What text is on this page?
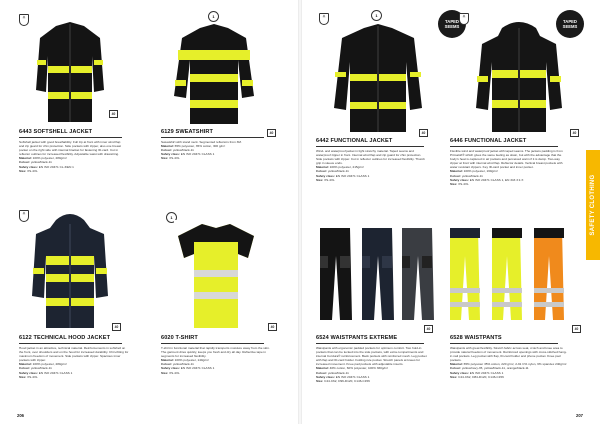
⚠
40
6443 SOFTSHELL JACKET

Softshell jacket with good breathability. Full zip at front with inner wind flap and zip guard for chin protection. Side pockets with zipper, also one breast pocket on the right side with internal bracket for fastening ID-card. Cut in reflector outlines for increased flexibility. Adjustable waist with drawstring.

Material: 100% polyester, 280g/m²

Colour: yellow/black-11

Safety class: EN ISO 20471 CL.3/EN 1

Size: XS-4XL

1
40
6129 SWEATSHIRT

Sweatshirt with stand neck. Segmented reflectors from 3M.

Material: 65% polyester, 35% cotton, 300 g/m²

Colour: yellow/black-11

Safety class: EN ISO 20471 CLASS 1

Size: XS-4XL

⚠
40
6122 TECHNICAL HOOD JACKET

Hood jacket in an attractive, technical material. Reinforcements in softshell on the front, over shoulders and on the hood for increased durability. Chin-fitting for maximum freedom of movement. Side pockets with zipper. Spacious inner pockets with zipper.

Material: 100% polyester, 280g/m²

Colour: yellow/black-11

Safety class: EN ISO 20471 CLASS 1

Size: XS-4XL

1
40
6020 T-SHIRT

T-shirt in functional material that rapidly transports moisture away from the skin. The garment dries quickly, keeps you fresh and dry all day. Reflective tape in segments for increased flexibility.

Material: 100% polyester, 140g/m²

Colour: yellow/black-11

Safety class: EN ISO 20471 CLASS 1

Size: XS-4XL

206
⚠	1
TAPED
SEEMS
40
6442 FUNCTIONAL JACKET

Wind- and waterproof jacket in light stretchy material. Taped seams and waterproof zipper in front. Internal wind flap and zip guard for chin protection. Side pockets with zipper. Cut in reflector outlines for increased flexibility. Thumb grip in sleeve ends.

Material: 100% polyester, 215g/m²

Colour: yellow/black-11

Safety class: EN ISO 20471 CLASS 1

Size: XS-4XL

⚠
TAPED
SEEMS
40
6446 FUNCTIONAL JACKET

Flexible wind and waterproof jacket with taped seams. The jackets padding is from Primaloft® which gives the same feeling as down, but with the advantage that the body's heat is captured in air pockets and perceived warm if it is damp. Two-way zipper at front with internal wind flap. Reflector details. Vertical breast pockets with water resistant zippers. Key ID-card pocket and inner pocket.

Material: 100% polyester, 160g/m²

Colour: yellow/black-11

Safety class: EN ISO 20471 CLASS 1, EN 343 3:1:X

Size: XS-4XL

40
6524 WAISTPANTS EXTREME

Waistpants with ergonomic padded pockets for optimum comfort. Two hold-in pockets that can be tucked into the side pockets, with extra compartments and internal Cordura® reinforcement. Back pockets with reinforced mesh. Leg pocket with flap and ID-card holder. Folding rule pocket. Stretch panels at knees for increased movement. Knee pad pockets with adjustable inserts.

Material: 40% cotton, 60% polyester, 100% 360g/m²

Colour: yellow/black-11

Safety class: EN ISO 20471 CLASS 1

Size: C44-C62, D96-D120, C146-C156

40
6528 WAISTPANTS

Waistpants with great flexibility. Stretch fabric across seat, crotch and knee area to provide natural freedom of movement. Reinforced openings with cross-stitched hang-in nail pockets. Leg pocket with flap, ID-card holder and phone pocket. Knee pad pockets.

Material: 65% polyester 35% cotton, 220 g/m², 2-91 C% nylon, 6% spandex 240g/m²

Colour: yellow/navy-35, yellow/black-11, orange/black-11

Safety class: EN ISO 20471 CLASS 1

Size: C44-C62, D84-D120, C146-C156

SAFETY CLOTHING
207
